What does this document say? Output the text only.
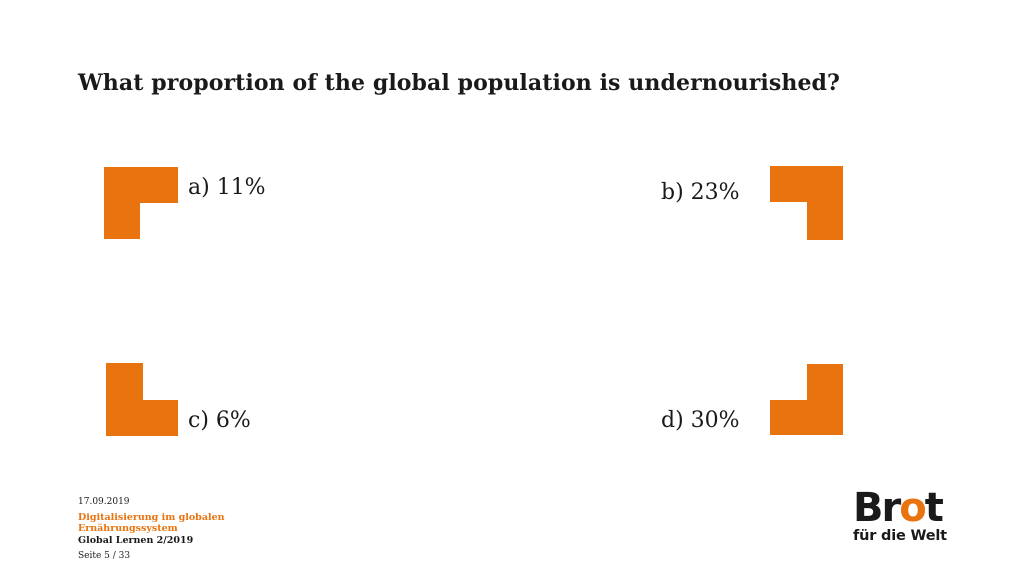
What proportion of the global population is undernourished?
a) 11%	b) 23%
c) 6%	d) 30%
17.09.2019
Digitalisierung im globalen Ernährungssystem
Global Lernen 2/2019
Seite 5 / 33
Brot
für die Welt
